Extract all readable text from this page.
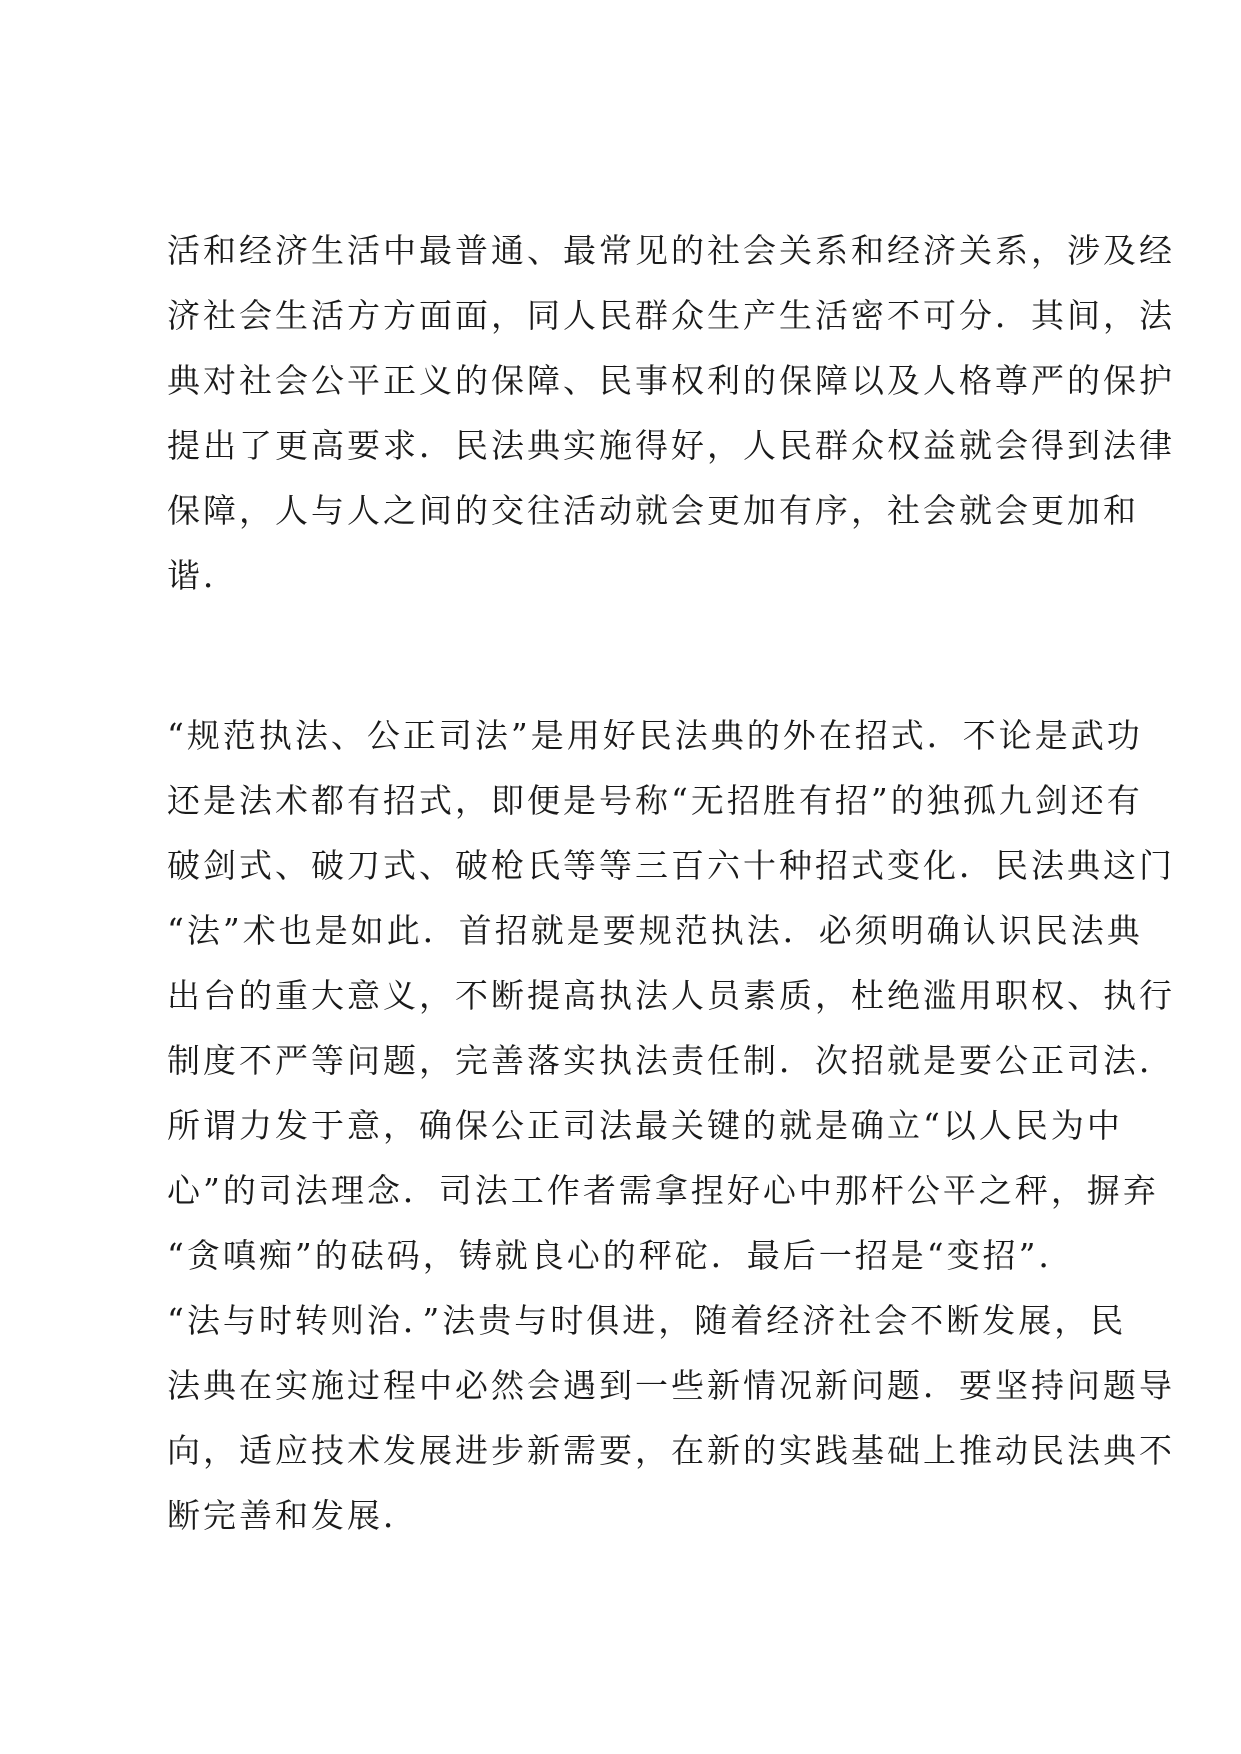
活和经济生活中最普通、最常见的社会关系和经济关系，涉及经
济社会生活方方面面，同人民群众生产生活密不可分．其间，法
典对社会公平正义的保障、民事权利的保障以及人格尊严的保护
提出了更高要求．民法典实施得好，人民群众权益就会得到法律
保障，人与人之间的交往活动就会更加有序，社会就会更加和
谐．
“规范执法、公正司法”是用好民法典的外在招式．不论是武功
还是法术都有招式，即便是号称“无招胜有招”的独孤九剑还有
破剑式、破刀式、破枪氏等等三百六十种招式变化．民法典这门
“法”术也是如此．首招就是要规范执法．必须明确认识民法典
出台的重大意义，不断提高执法人员素质，杜绝滥用职权、执行
制度不严等问题，完善落实执法责任制．次招就是要公正司法．
所谓力发于意，确保公正司法最关键的就是确立“以人民为中
心”的司法理念．司法工作者需拿捏好心中那杆公平之秤，摒弃
“贪嗔痴”的砝码，铸就良心的秤砣．最后一招是“变招”．
“法与时转则治．”法贵与时俱进，随着经济社会不断发展，民
法典在实施过程中必然会遇到一些新情况新问题．要坚持问题导
向，适应技术发展进步新需要，在新的实践基础上推动民法典不
断完善和发展．
